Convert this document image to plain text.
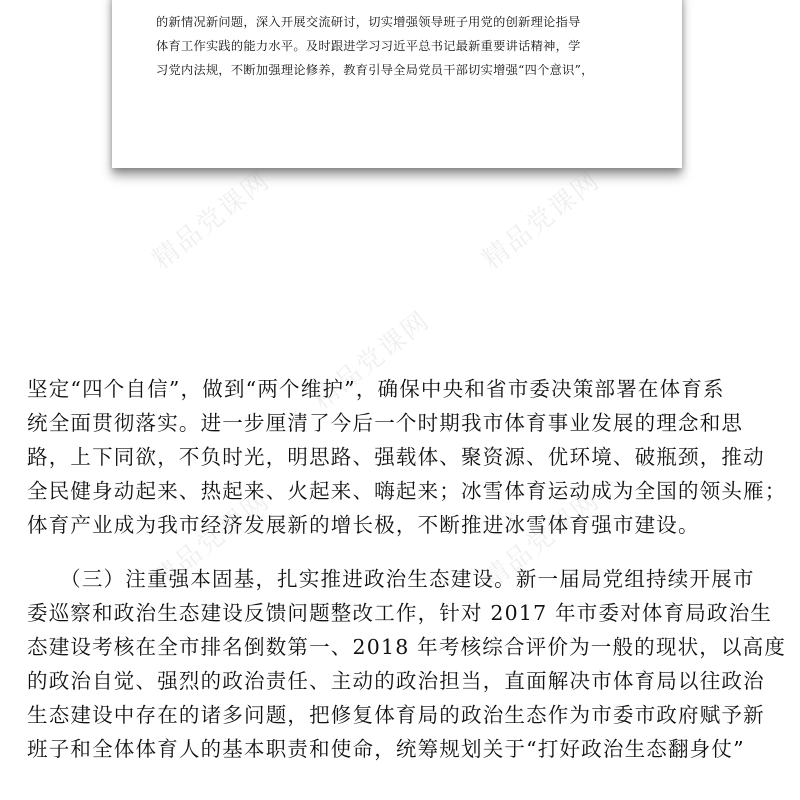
的新情况新问题，深入开展交流研讨，切实增强领导班子用党的创新理论指导
体育工作实践的能力水平。及时跟进学习习近平总书记最新重要讲话精神，学
习党内法规，不断加强理论修养，教育引导全局党员干部切实增强“四个意识”，
精品党课网	精品党课网
精品党课网
精品党课网	精品党课网
坚定“四个自信”，做到“两个维护”，确保中央和省市委决策部署在体育系
统全面贯彻落实。进一步厘清了今后一个时期我市体育事业发展的理念和思
路，上下同欲，不负时光，明思路、强载体、聚资源、优环境、破瓶颈，推动
全民健身动起来、热起来、火起来、嗨起来；冰雪体育运动成为全国的领头雁；
体育产业成为我市经济发展新的增长极，不断推进冰雪体育强市建设。
　　（三）注重强本固基，扎实推进政治生态建设。新一届局党组持续开展市
委巡察和政治生态建设反馈问题整改工作，针对 2017 年市委对体育局政治生
态建设考核在全市排名倒数第一、2018 年考核综合评价为一般的现状，以高度
的政治自觉、强烈的政治责任、主动的政治担当，直面解决市体育局以往政治
生态建设中存在的诸多问题，把修复体育局的政治生态作为市委市政府赋予新
班子和全体体育人的基本职责和使命，统筹规划关于“打好政治生态翻身仗”
